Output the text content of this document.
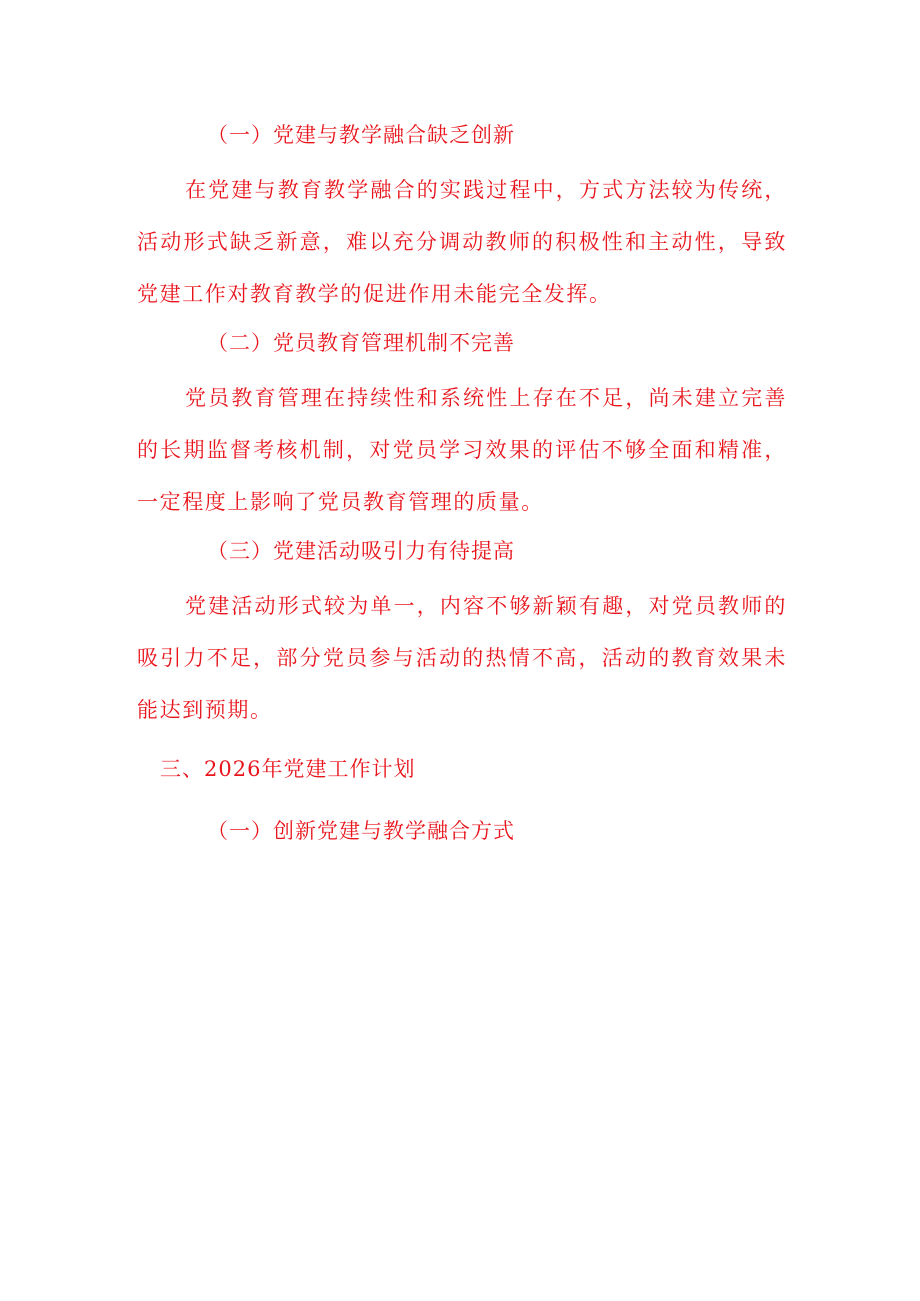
（一）党建与教学融合缺乏创新
在党建与教育教学融合的实践过程中，方式方法较为传统，活动形式缺乏新意，难以充分调动教师的积极性和主动性，导致党建工作对教育教学的促进作用未能完全发挥。
（二）党员教育管理机制不完善
党员教育管理在持续性和系统性上存在不足，尚未建立完善的长期监督考核机制，对党员学习效果的评估不够全面和精准，一定程度上影响了党员教育管理的质量。
（三）党建活动吸引力有待提高
党建活动形式较为单一，内容不够新颖有趣，对党员教师的吸引力不足，部分党员参与活动的热情不高，活动的教育效果未能达到预期。
三、2026年党建工作计划
（一）创新党建与教学融合方式
